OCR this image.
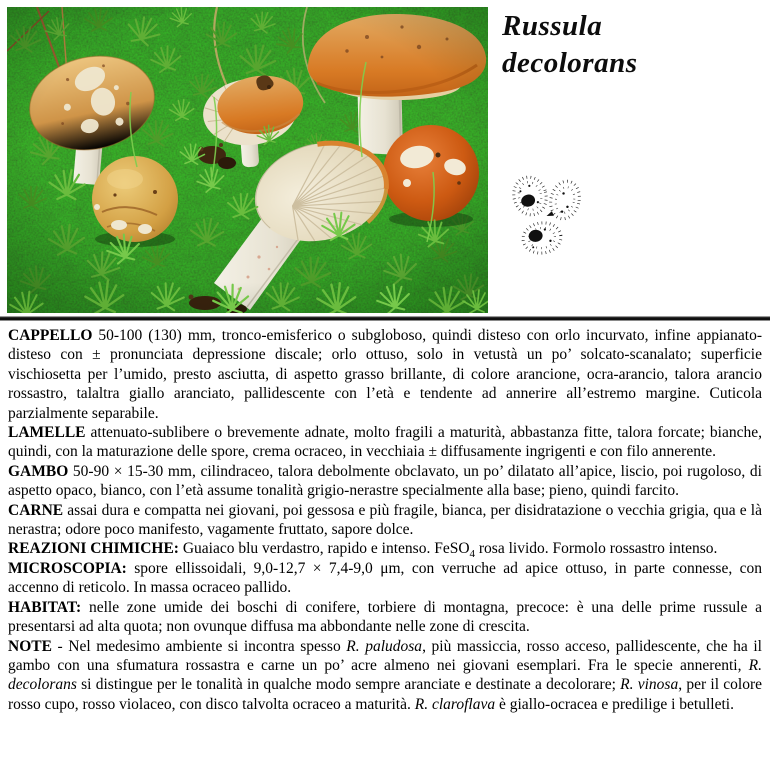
Russula
decolorans

CAPPELLO 50-100 (130) mm, tronco-emisferico o subgloboso, quindi disteso con orlo incurvato, infine appianato-disteso con ± pronunciata depressione discale; orlo ottuso, solo in vetustà un po’ solcato-scanalato; superficie vischiosetta per l’umido, presto asciutta, di aspetto grasso brillante, di colore arancione, ocra-arancio, talora arancio rossastro, talaltra giallo aranciato, pallidescente con l’età e tendente ad annerire all’estremo margine. Cuticola parzialmente separabile.

LAMELLE attenuato-sublibere o brevemente adnate, molto fragili a maturità, abbastanza fitte, talora forcate; bianche, quindi, con la maturazione delle spore, crema ocraceo, in vecchiaia ± diffusamente ingrigenti e con filo annerente.

GAMBO 50-90 × 15-30 mm, cilindraceo, talora debolmente obclavato, un po’ dilatato all’apice, liscio, poi rugoloso, di aspetto opaco, bianco, con l’età assume tonalità grigio-nerastre specialmente alla base; pieno, quindi farcito.

CARNE assai dura e compatta nei giovani, poi gessosa e più fragile, bianca, per disidratazione o vecchia grigia, qua e là nerastra; odore poco manifesto, vagamente fruttato, sapore dolce.

REAZIONI CHIMICHE: Guaiaco blu verdastro, rapido e intenso. FeSO$_4$ rosa livido. Formolo rossastro intenso.

MICROSCOPIA: spore ellissoidali, 9,0-12,7 × 7,4-9,0 μm, con verruche ad apice ottuso, in parte connesse, con accenno di reticolo. In massa ocraceo pallido.

HABITAT: nelle zone umide dei boschi di conifere, torbiere di montagna, precoce: è una delle prime russule a presentarsi ad alta quota; non ovunque diffusa ma abbondante nelle zone di crescita.

NOTE - Nel medesimo ambiente si incontra spesso R. paludosa, più massiccia, rosso acceso, pallidescente, che ha il gambo con una sfumatura rossastra e carne un po’ acre almeno nei giovani esemplari. Fra le specie annerenti, R. decolorans si distingue per le tonalità in qualche modo sempre aranciate e destinate a decolorare; R. vinosa, per il colore rosso cupo, rosso violaceo, con disco talvolta ocraceo a maturità. R. claroflava è giallo-ocracea e predilige i betulleti.
